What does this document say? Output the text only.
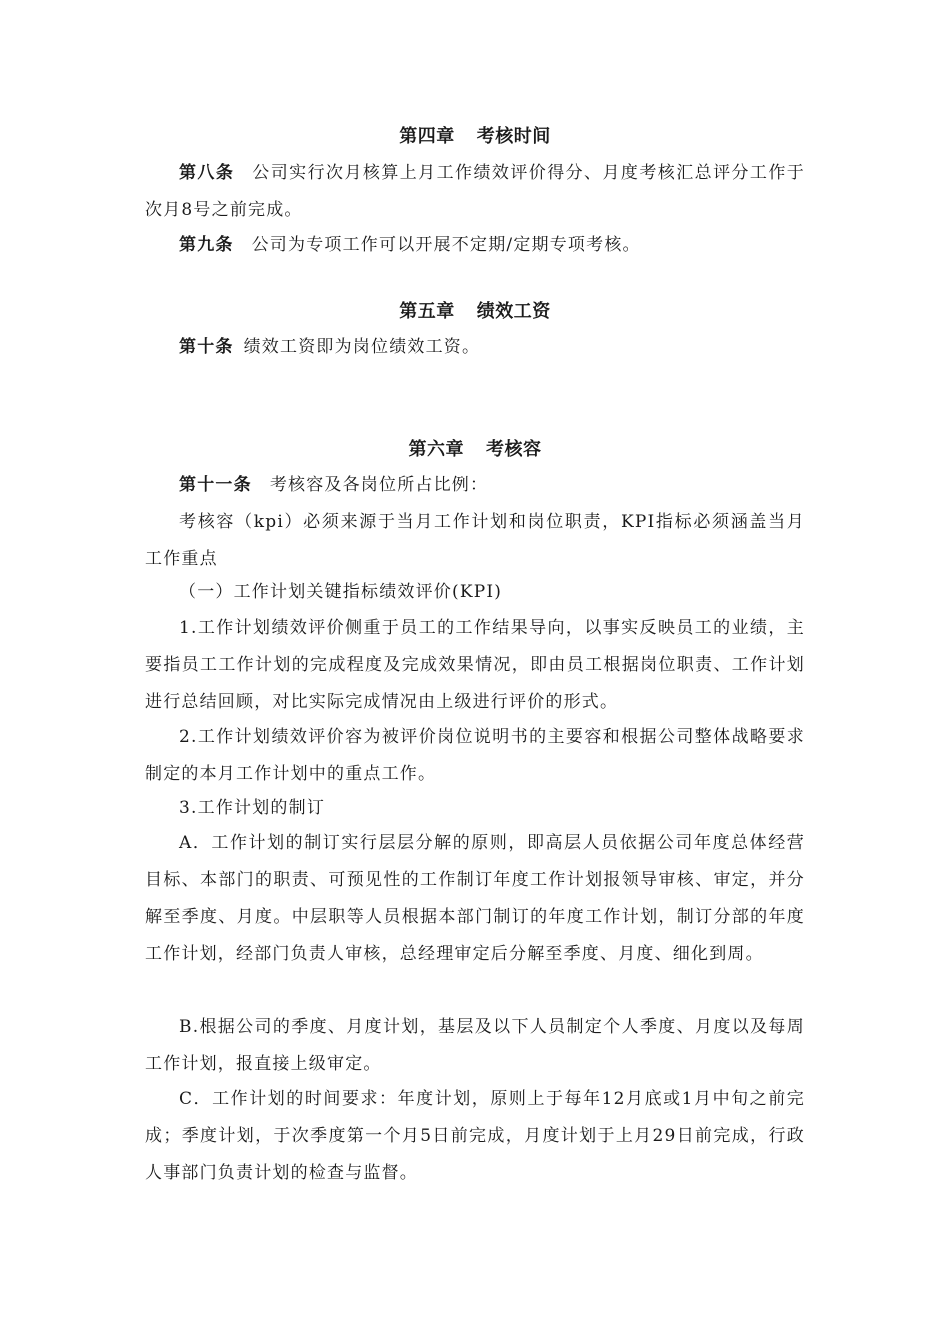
第四章 考核时间

第八条 公司实行次月核算上月工作绩效评价得分、月度考核汇总评分工作于次月8号之前完成。

第九条 公司为专项工作可以开展不定期/定期专项考核。

第五章 绩效工资

第十条 绩效工资即为岗位绩效工资。

第六章 考核容

第十一条 考核容及各岗位所占比例：

考核容（kpi）必须来源于当月工作计划和岗位职责，KPI指标必须涵盖当月工作重点

（一）工作计划关键指标绩效评价(KPI)

1.工作计划绩效评价侧重于员工的工作结果导向，以事实反映员工的业绩，主要指员工工作计划的完成程度及完成效果情况，即由员工根据岗位职责、工作计划进行总结回顾，对比实际完成情况由上级进行评价的形式。

2.工作计划绩效评价容为被评价岗位说明书的主要容和根据公司整体战略要求制定的本月工作计划中的重点工作。

3.工作计划的制订

A．工作计划的制订实行层层分解的原则，即高层人员依据公司年度总体经营目标、本部门的职责、可预见性的工作制订年度工作计划报领导审核、审定，并分解至季度、月度。中层职等人员根据本部门制订的年度工作计划，制订分部的年度工作计划，经部门负责人审核，总经理审定后分解至季度、月度、细化到周。

B.根据公司的季度、月度计划，基层及以下人员制定个人季度、月度以及每周工作计划，报直接上级审定。

C．工作计划的时间要求：年度计划，原则上于每年12月底或1月中旬之前完成；季度计划，于次季度第一个月5日前完成，月度计划于上月29日前完成，行政人事部门负责计划的检查与监督。
